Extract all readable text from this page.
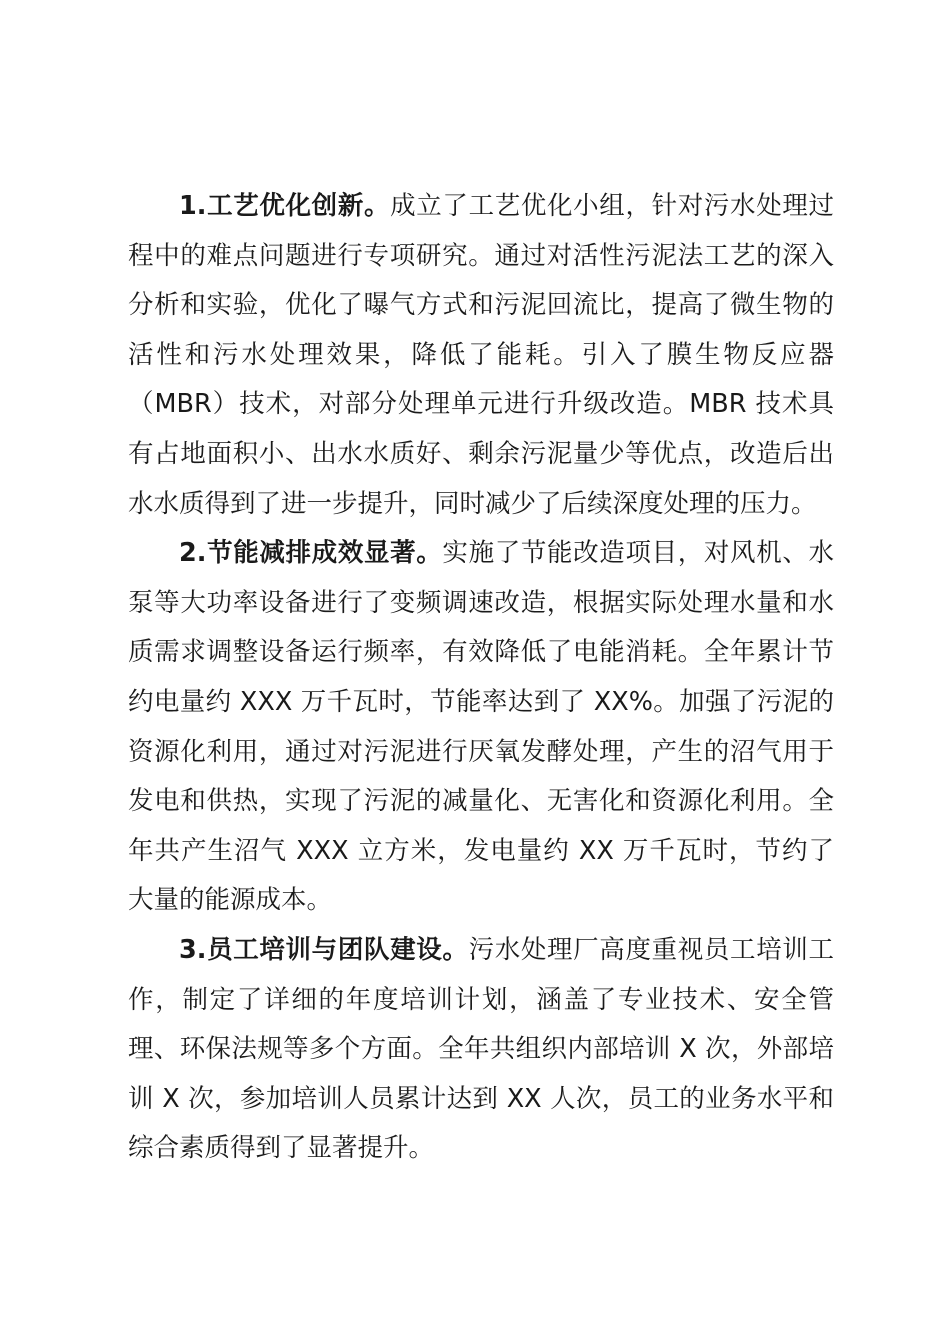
1.工艺优化创新。成立了工艺优化小组，针对污水处理过程中的难点问题进行专项研究。通过对活性污泥法工艺的深入分析和实验，优化了曝气方式和污泥回流比，提高了微生物的活性和污水处理效果，降低了能耗。引入了膜生物反应器（MBR）技术，对部分处理单元进行升级改造。MBR 技术具有占地面积小、出水水质好、剩余污泥量少等优点，改造后出水水质得到了进一步提升，同时减少了后续深度处理的压力。

2.节能减排成效显著。实施了节能改造项目，对风机、水泵等大功率设备进行了变频调速改造，根据实际处理水量和水质需求调整设备运行频率，有效降低了电能消耗。全年累计节约电量约 XXX 万千瓦时，节能率达到了 XX%。加强了污泥的资源化利用，通过对污泥进行厌氧发酵处理，产生的沼气用于发电和供热，实现了污泥的减量化、无害化和资源化利用。全年共产生沼气 XXX 立方米，发电量约 XX 万千瓦时，节约了大量的能源成本。

3.员工培训与团队建设。污水处理厂高度重视员工培训工作，制定了详细的年度培训计划，涵盖了专业技术、安全管理、环保法规等多个方面。全年共组织内部培训 X 次，外部培训 X 次，参加培训人员累计达到 XX 人次，员工的业务水平和综合素质得到了显著提升。
